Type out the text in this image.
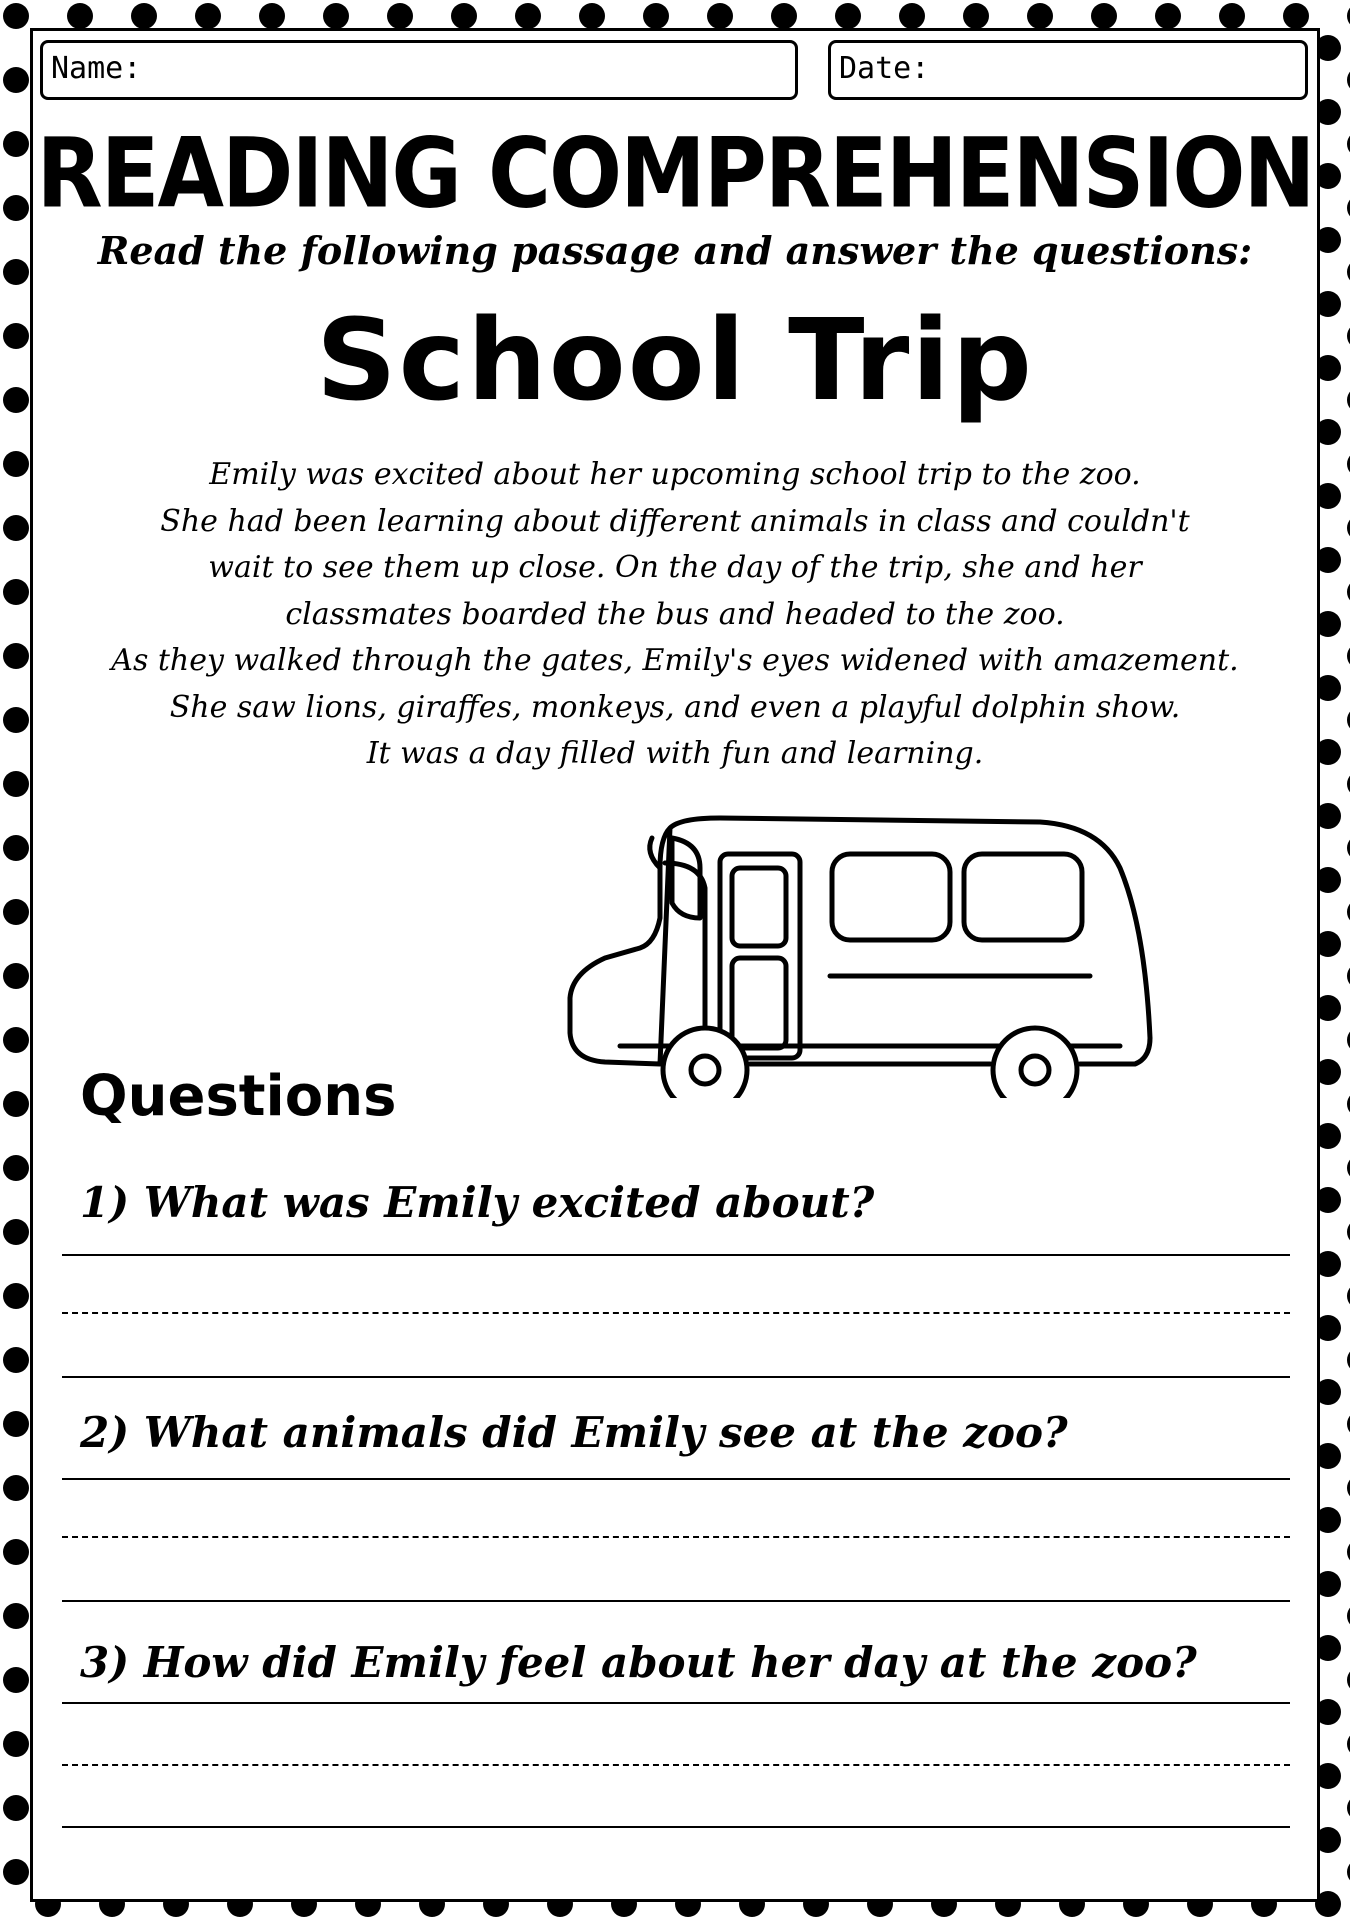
Name:	Date:
READING COMPREHENSION
Read the following passage and answer the questions:
School Trip
Emily was excited about her upcoming school trip to the zoo.
She had been learning about different animals in class and couldn't
wait to see them up close. On the day of the trip, she and her
classmates boarded the bus and headed to the zoo.
As they walked through the gates, Emily's eyes widened with amazement.
She saw lions, giraffes, monkeys, and even a playful dolphin show.
It was a day filled with fun and learning.
Questions
1) What was Emily excited about?
2) What animals did Emily see at the zoo?
3) How did Emily feel about her day at the zoo?
